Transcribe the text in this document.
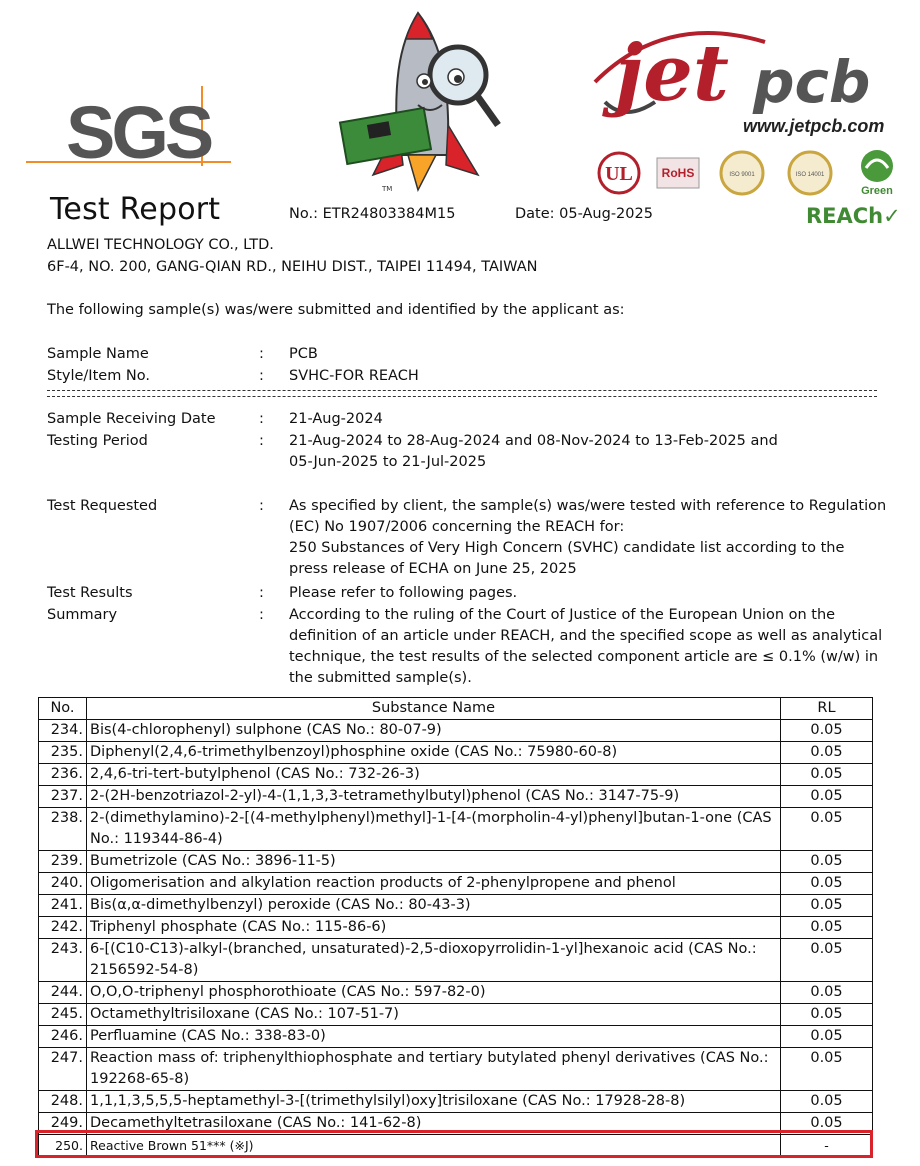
SGS
TM
jet pcb
www.jetpcb.com
UL RoHS	ISO 9001	ISO 14001
Green
REACh✓
Test Report	No.: ETR24803384M15	Date: 05-Aug-2025
ALLWEI TECHNOLOGY CO., LTD.
6F-4, NO. 200, GANG-QIAN RD., NEIHU DIST., TAIPEI 11494, TAIWAN
The following sample(s) was/were submitted and identified by the applicant as:
Sample Name	: PCB
Style/Item No.	: SVHC-FOR REACH
Sample Receiving Date	: 21-Aug-2024
Testing Period	: 21-Aug-2024 to 28-Aug-2024 and 08-Nov-2024 to 13-Feb-2025 and
05-Jun-2025 to 21-Jul-2025
Test Requested	: As specified by client, the sample(s) was/were tested with reference to Regulation
(EC) No 1907/2006 concerning the REACH for:
250 Substances of Very High Concern (SVHC) candidate list according to the
press release of ECHA on June 25, 2025
Test Results	: Please refer to following pages.
Summary	: According to the ruling of the Court of Justice of the European Union on the
definition of an article under REACH, and the specified scope as well as analytical
technique, the test results of the selected component article are ≤ 0.1% (w/w) in
the submitted sample(s).
No.	Substance Name	RL
234.	Bis(4-chlorophenyl) sulphone (CAS No.: 80-07-9)	0.05
235.	Diphenyl(2,4,6-trimethylbenzoyl)phosphine oxide (CAS No.: 75980-60-8)	0.05
236.	2,4,6-tri-tert-butylphenol (CAS No.: 732-26-3)	0.05
237.	2-(2H-benzotriazol-2-yl)-4-(1,1,3,3-tetramethylbutyl)phenol (CAS No.: 3147-75-9)	0.05
238.	2-(dimethylamino)-2-[(4-methylphenyl)methyl]-1-[4-(morpholin-4-yl)phenyl]butan-1-one (CAS No.: 119344-86-4)	0.05
239.	Bumetrizole (CAS No.: 3896-11-5)	0.05
240.	Oligomerisation and alkylation reaction products of 2-phenylpropene and phenol	0.05
241.	Bis(α,α-dimethylbenzyl) peroxide (CAS No.: 80-43-3)	0.05
242.	Triphenyl phosphate (CAS No.: 115-86-6)	0.05
243.	6-[(C10-C13)-alkyl-(branched, unsaturated)-2,5-dioxopyrrolidin-1-yl]hexanoic acid (CAS No.: 2156592-54-8)	0.05
244.	O,O,O-triphenyl phosphorothioate (CAS No.: 597-82-0)	0.05
245.	Octamethyltrisiloxane (CAS No.: 107-51-7)	0.05
246.	Perfluamine (CAS No.: 338-83-0)	0.05
247.	Reaction mass of: triphenylthiophosphate and tertiary butylated phenyl derivatives (CAS No.: 192268-65-8)	0.05
248.	1,1,1,3,5,5,5-heptamethyl-3-[(trimethylsilyl)oxy]trisiloxane (CAS No.: 17928-28-8)	0.05
249.	Decamethyltetrasiloxane (CAS No.: 141-62-8)	0.05
250.	Reactive Brown 51*** (※J)	-
